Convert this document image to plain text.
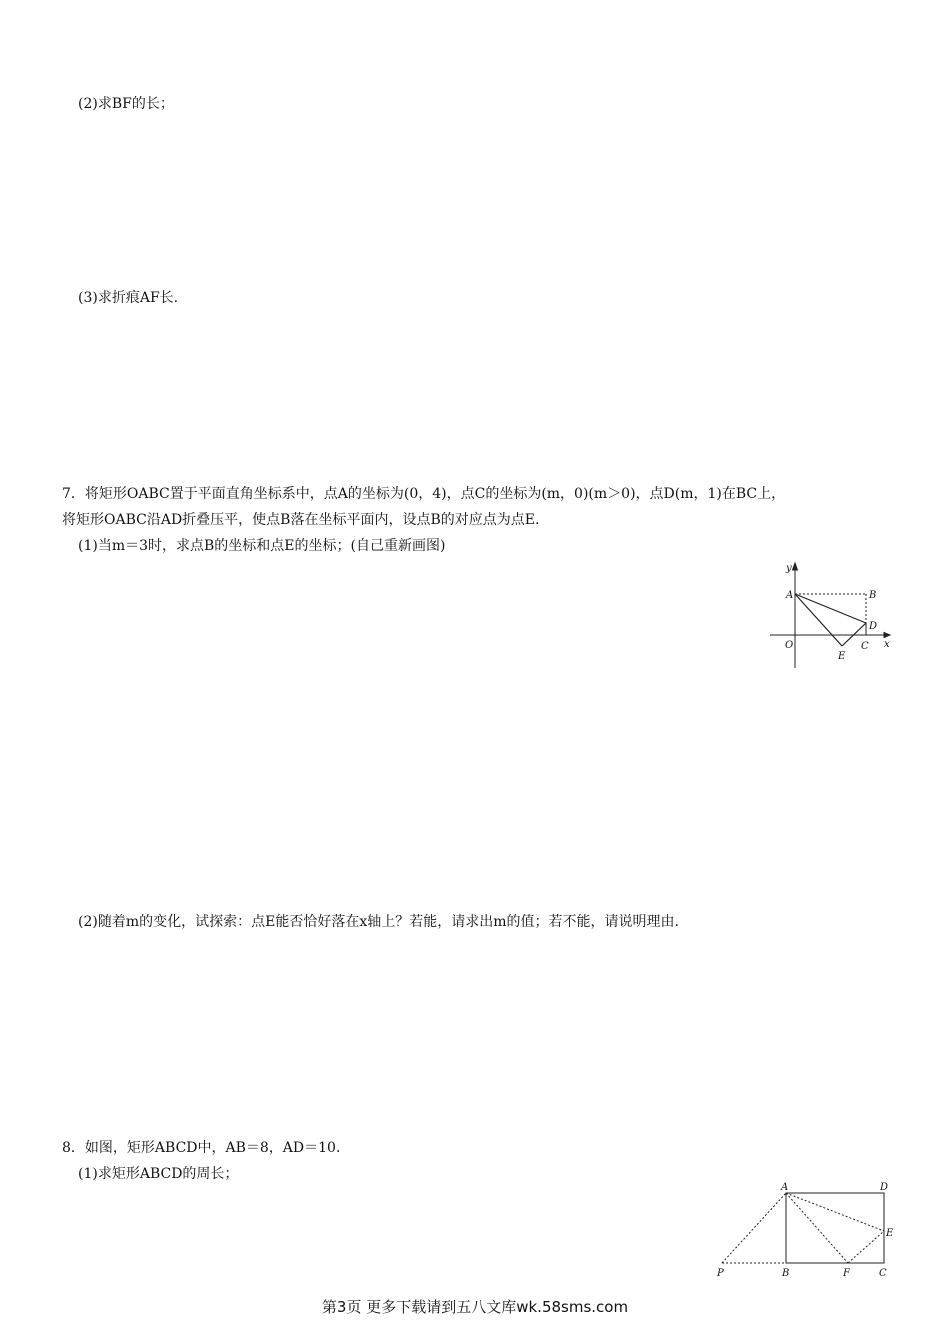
(2)求BF的长；
(3)求折痕AF长.
7．将矩形OABC置于平面直角坐标系中，点A的坐标为(0，4)，点C的坐标为(m，0)(m＞0)，点D(m，1)在BC上，
将矩形OABC沿AD折叠压平，使点B落在坐标平面内，设点B的对应点为点E.
(1)当m＝3时，求点B的坐标和点E的坐标；(自己重新画图)
y
x
A	B
D
O
E
C
(2)随着m的变化，试探索：点E能否恰好落在x轴上？若能，请求出m的值；若不能，请说明理由.
8．如图，矩形ABCD中，AB＝8，AD＝10.
(1)求矩形ABCD的周长；
A	D
E
P	B	F	C
第3页 更多下载请到五八文库wk.58sms.com
